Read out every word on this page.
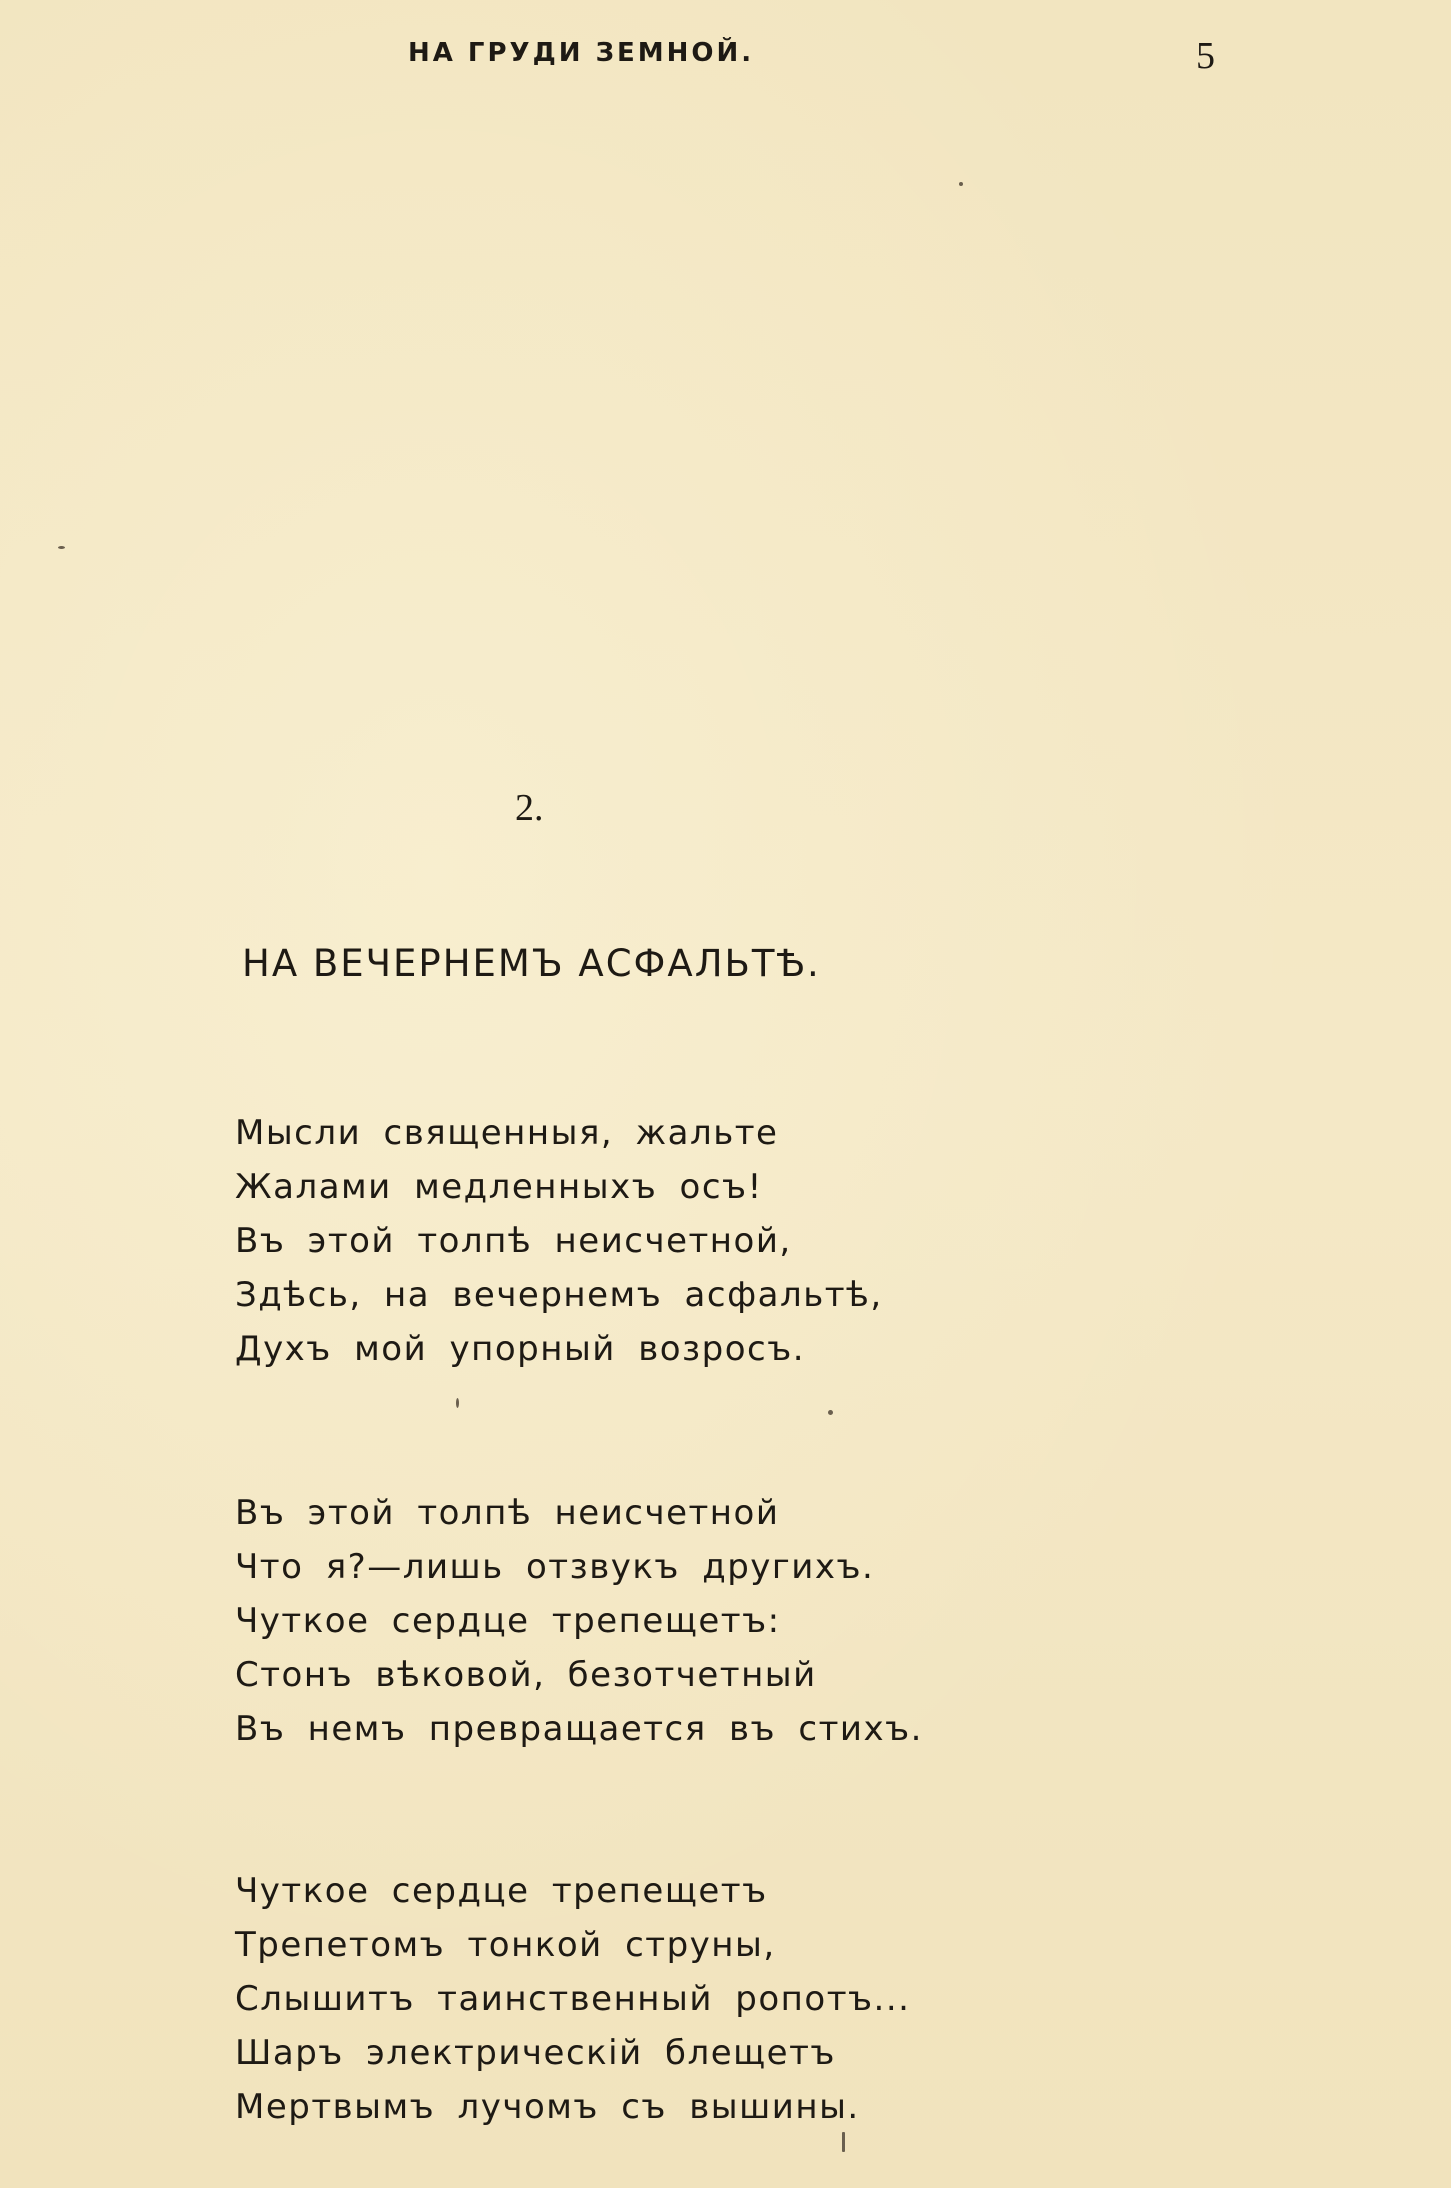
НА ГРУДИ ЗЕМНОЙ.	5
2.
НА ВЕЧЕРНЕМЪ АСФАЛЬТѢ.
Мысли священныя, жальте
Жалами медленныхъ осъ!
Въ этой толпѣ неисчетной,
Здѣсь, на вечернемъ асфальтѣ,
Духъ мой упорный возросъ.
Въ этой толпѣ неисчетной
Что я?—лишь отзвукъ другихъ.
Чуткое сердце трепещетъ:
Стонъ вѣковой, безотчетный
Въ немъ превращается въ стихъ.
Чуткое сердце трепещетъ
Трепетомъ тонкой струны,
Слышитъ таинственный ропотъ...
Шаръ электрическій блещетъ
Мертвымъ лучомъ съ вышины.
